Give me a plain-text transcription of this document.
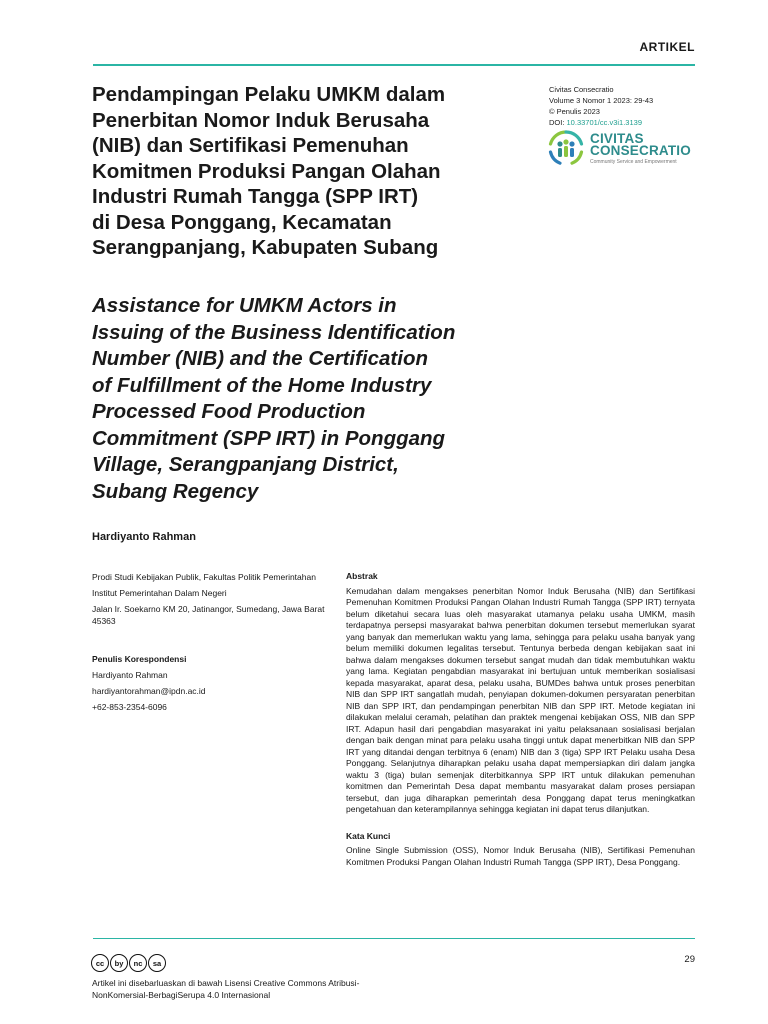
ARTIKEL
Pendampingan Pelaku UMKM dalam
Penerbitan Nomor Induk Berusaha
(NIB) dan Sertifikasi Pemenuhan
Komitmen Produksi Pangan Olahan
Industri Rumah Tangga (SPP IRT)
di Desa Ponggang, Kecamatan
Serangpanjang, Kabupaten Subang
Assistance for UMKM Actors in
Issuing of the Business Identification
Number (NIB) and the Certification
of Fulfillment of the Home Industry
Processed Food Production
Commitment (SPP IRT) in Ponggang
Village, Serangpanjang District,
Subang Regency
Civitas Consecratio
Volume 3 Nomor 1 2023: 29-43
© Penulis 2023
DOI: 10.33701/cc.v3i1.3139
CIVITAS
CONSECRATIO
Community Service and Empowerment
Hardiyanto Rahman

Prodi Studi Kebijakan Publik, Fakultas Politik Pemerintahan

Institut Pemerintahan Dalam Negeri

Jalan Ir. Soekarno KM 20, Jatinangor, Sumedang, Jawa Barat 45363

Penulis Korespondensi

Hardiyanto Rahman

hardiyantorahman@ipdn.ac.id

+62-853-2354-6096

Abstrak

Kemudahan dalam mengakses penerbitan Nomor Induk Berusaha (NIB) dan Sertifikasi Pemenuhan Komitmen Produksi Pangan Olahan Industri Rumah Tangga (SPP IRT) ternyata belum diketahui secara luas oleh masyarakat utamanya pelaku usaha UMKM, masih terdapatnya persepsi masyarakat bahwa penerbitan dokumen tersebut memerlukan syarat yang banyak dan memerlukan waktu yang lama, sehingga para pelaku usaha banyak yang belum memiliki dokumen legalitas tersebut. Tentunya berbeda dengan kebijakan saat ini bahwa dalam mengakses dokumen tersebut sangat mudah dan tidak membutuhkan waktu yang lama. Kegiatan pengabdian masyarakat ini bertujuan untuk memberikan sosialisasi kepada masyarakat, aparat desa, pelaku usaha, BUMDes bahwa untuk proses penerbitan NIB dan SPP IRT sangatlah mudah, penyiapan dokumen-dokumen persyaratan penerbitan NIB dan SPP IRT, dan pendampingan penerbitan NIB dan SPP IRT. Metode kegiatan ini dilakukan melalui ceramah, pelatihan dan praktek mengenai kebijakan OSS, NIB dan SPP IRT. Adapun hasil dari pengabdian masyarakat ini yaitu pelaksanaan sosialisasi berjalan dengan baik dengan minat para pelaku usaha tinggi untuk dapat menerbitkan NIB dan SPP IRT yang ditandai dengan terbitnya 6 (enam) NIB dan 3 (tiga) SPP IRT Pelaku usaha Desa Ponggang. Selanjutnya diharapkan pelaku usaha dapat mempersiapkan diri dalam jangka waktu 3 (tiga) bulan semenjak diterbitkannya SPP IRT untuk dilakukan pemenuhan komitmen dan Pemerintah Desa dapat membantu masyarakat dalam proses persiapan tersebut, dan juga diharapkan pemerintah desa Ponggang dapat terus meningkatkan pengetahuan dan keterampilannya sehingga kegiatan ini dapat terus dilanjutkan.

Kata Kunci

Online Single Submission (OSS), Nomor Induk Berusaha (NIB), Sertifikasi Pemenuhan Komitmen Produksi Pangan Olahan Industri Rumah Tangga (SPP IRT), Desa Ponggang.

cc	by	nc	sa	29
Artikel ini disebarluaskan di bawah Lisensi Creative Commons Atribusi-
NonKomersial-BerbagiSerupa 4.0 Internasional
